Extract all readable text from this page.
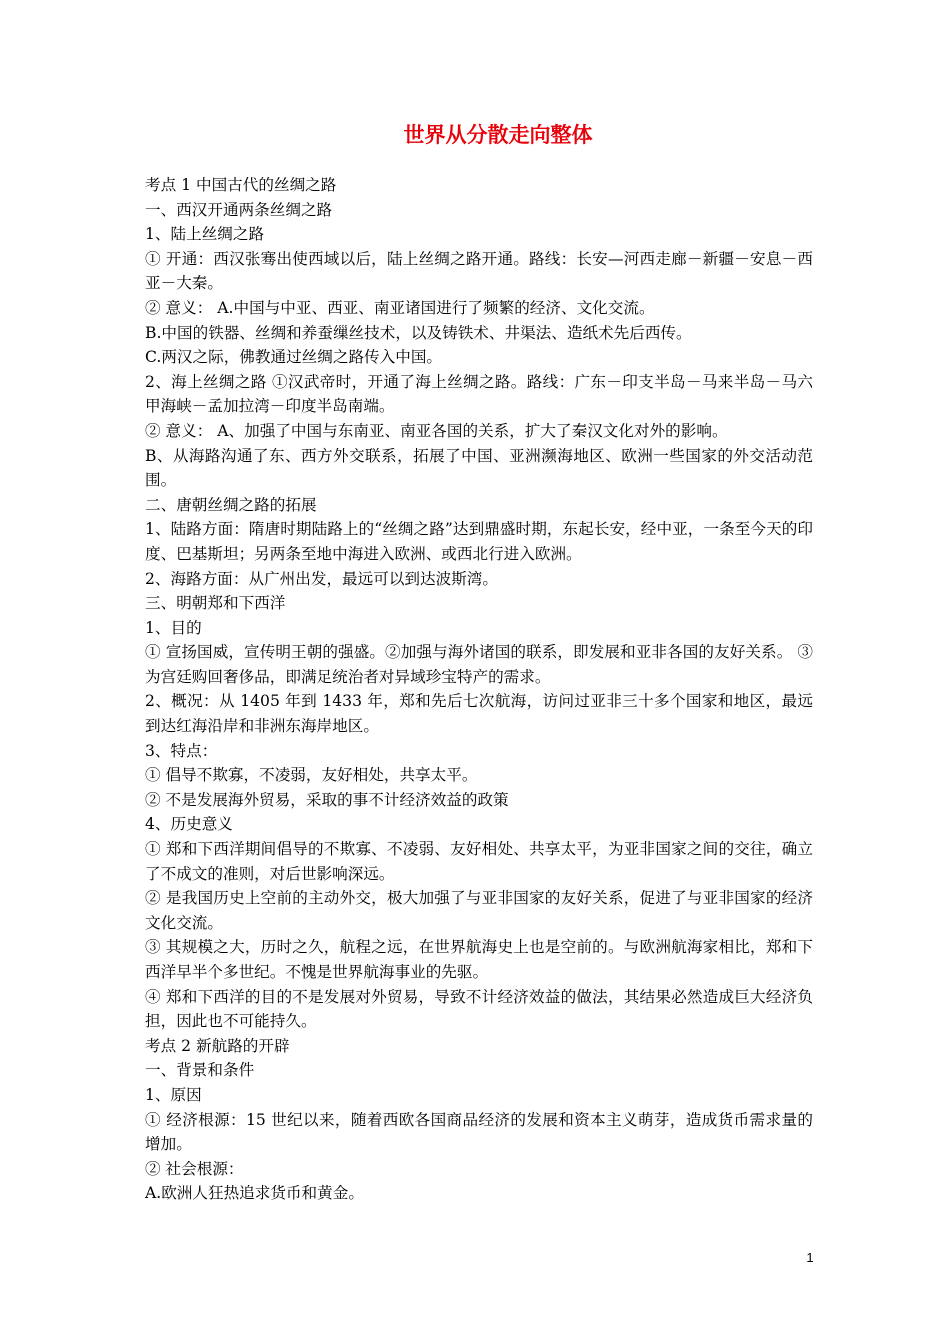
世界从分散走向整体

考点 1 中国古代的丝绸之路

一、西汉开通两条丝绸之路

1、陆上丝绸之路

① 开通：西汉张骞出使西域以后，陆上丝绸之路开通。路线：长安—河西走廊－新疆－安息－西亚－大秦。

② 意义： A.中国与中亚、西亚、南亚诸国进行了频繁的经济、文化交流。

B.中国的铁器、丝绸和养蚕缫丝技术，以及铸铁术、井渠法、造纸术先后西传。

C.两汉之际，佛教通过丝绸之路传入中国。

2、海上丝绸之路 ①汉武帝时，开通了海上丝绸之路。路线：广东－印支半岛－马来半岛－马六甲海峡－孟加拉湾－印度半岛南端。

② 意义： A、加强了中国与东南亚、南亚各国的关系，扩大了秦汉文化对外的影响。

B、从海路沟通了东、西方外交联系，拓展了中国、亚洲濒海地区、欧洲一些国家的外交活动范围。

二、唐朝丝绸之路的拓展

1、陆路方面：隋唐时期陆路上的“丝绸之路”达到鼎盛时期，东起长安，经中亚，一条至今天的印度、巴基斯坦；另两条至地中海进入欧洲、或西北行进入欧洲。

2、海路方面：从广州出发，最远可以到达波斯湾。

三、明朝郑和下西洋

1、目的

① 宣扬国威，宣传明王朝的强盛。②加强与海外诸国的联系，即发展和亚非各国的友好关系。 ③为宫廷购回奢侈品，即满足统治者对异域珍宝特产的需求。

2、概况：从 1405 年到 1433 年，郑和先后七次航海，访问过亚非三十多个国家和地区，最远到达红海沿岸和非洲东海岸地区。

3、特点：

① 倡导不欺寡，不凌弱，友好相处，共享太平。

② 不是发展海外贸易，采取的事不计经济效益的政策

4、历史意义

① 郑和下西洋期间倡导的不欺寡、不凌弱、友好相处、共享太平，为亚非国家之间的交往，确立了不成文的准则，对后世影响深远。

② 是我国历史上空前的主动外交，极大加强了与亚非国家的友好关系，促进了与亚非国家的经济文化交流。

③ 其规模之大，历时之久，航程之远，在世界航海史上也是空前的。与欧洲航海家相比，郑和下西洋早半个多世纪。不愧是世界航海事业的先驱。

④ 郑和下西洋的目的不是发展对外贸易，导致不计经济效益的做法，其结果必然造成巨大经济负担，因此也不可能持久。

考点 2 新航路的开辟

一、背景和条件

1、原因

① 经济根源：15 世纪以来，随着西欧各国商品经济的发展和资本主义萌芽，造成货币需求量的增加。

② 社会根源：

A.欧洲人狂热追求货币和黄金。

1
